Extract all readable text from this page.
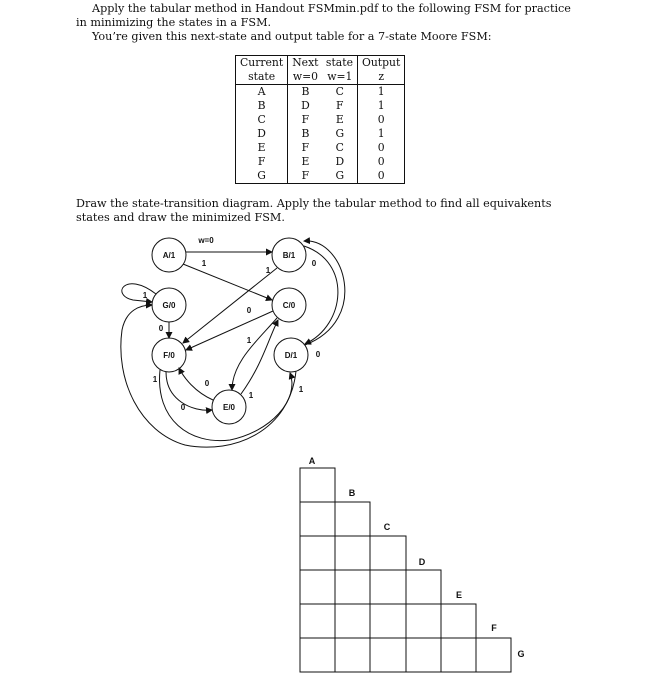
Apply the tabular method in Handout FSMmin.pdf to the following FSM for practice in minimizing the states in a FSM.
You’re given this next-state and output table for a 7-state Moore FSM:
Current	Next state		Output
state	w=0	w=1	z
A	B	C	1
B	D	F	1
C	F	E	0
D	B	G	1
E	F	C	0
F	E	D	0
G	F	G	0
Draw the state-transition diagram. Apply the tabular method to find all equivakents states and draw the minimized FSM.
A/1	B/1
C/0
D/1
E/0
F/0
G/0
w=0
1
1
0
0
1
0
1
1
0
0
1
1
0
A
B
C
D
E
F
G
